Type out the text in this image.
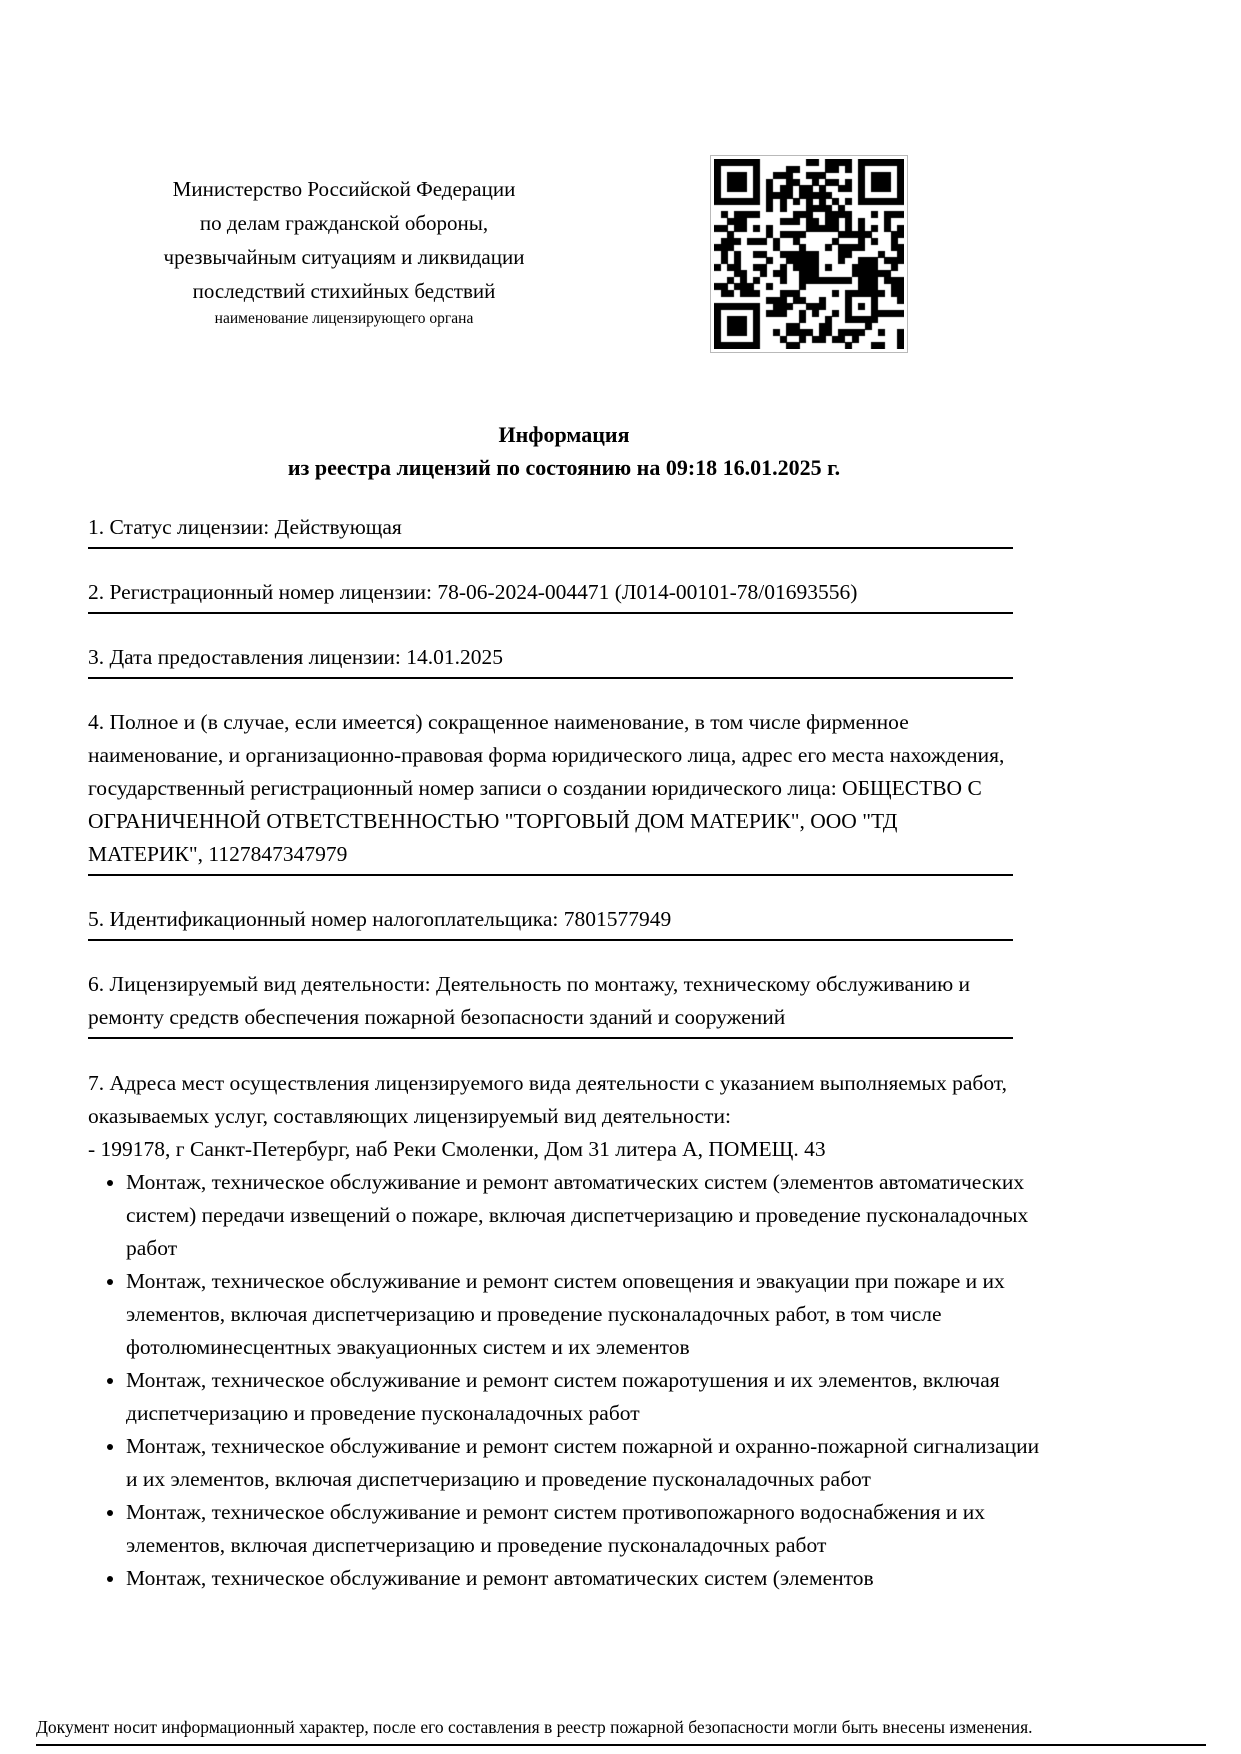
Министерство Российской Федерации
по делам гражданской обороны,
чрезвычайным ситуациям и ликвидации
последствий стихийных бедствий
наименование лицензирующего органа
Информация
из реестра лицензий по состоянию на 09:18 16.01.2025 г.
1. Статус лицензии: Действующая
2. Регистрационный номер лицензии: 78-06-2024-004471 (Л014-00101-78/01693556)
3. Дата предоставления лицензии: 14.01.2025
4. Полное и (в случае, если имеется) сокращенное наименование, в том числе фирменное наименование, и организационно-правовая форма юридического лица, адрес его места нахождения, государственный регистрационный номер записи о создании юридического лица: ОБЩЕСТВО С ОГРАНИЧЕННОЙ ОТВЕТСТВЕННОСТЬЮ "ТОРГОВЫЙ ДОМ МАТЕРИК", ООО "ТД МАТЕРИК", 1127847347979
5. Идентификационный номер налогоплательщика: 7801577949
6. Лицензируемый вид деятельности: Деятельность по монтажу, техническому обслуживанию и ремонту средств обеспечения пожарной безопасности зданий и сооружений
7. Адреса мест осуществления лицензируемого вида деятельности с указанием выполняемых работ, оказываемых услуг, составляющих лицензируемый вид деятельности:
- 199178, г Санкт-Петербург, наб Реки Смоленки, Дом 31 литера А, ПОМЕЩ. 43
• Монтаж, техническое обслуживание и ремонт автоматических систем (элементов автоматических систем) передачи извещений о пожаре, включая диспетчеризацию и проведение пусконаладочных работ
• Монтаж, техническое обслуживание и ремонт систем оповещения и эвакуации при пожаре и их элементов, включая диспетчеризацию и проведение пусконаладочных работ, в том числе фотолюминесцентных эвакуационных систем и их элементов
• Монтаж, техническое обслуживание и ремонт систем пожаротушения и их элементов, включая диспетчеризацию и проведение пусконаладочных работ
• Монтаж, техническое обслуживание и ремонт систем пожарной и охранно-пожарной сигнализации и их элементов, включая диспетчеризацию и проведение пусконаладочных работ
• Монтаж, техническое обслуживание и ремонт систем противопожарного водоснабжения и их элементов, включая диспетчеризацию и проведение пусконаладочных работ
• Монтаж, техническое обслуживание и ремонт автоматических систем (элементов
Документ носит информационный характер, после его составления в реестр пожарной безопасности могли быть внесены изменения.
